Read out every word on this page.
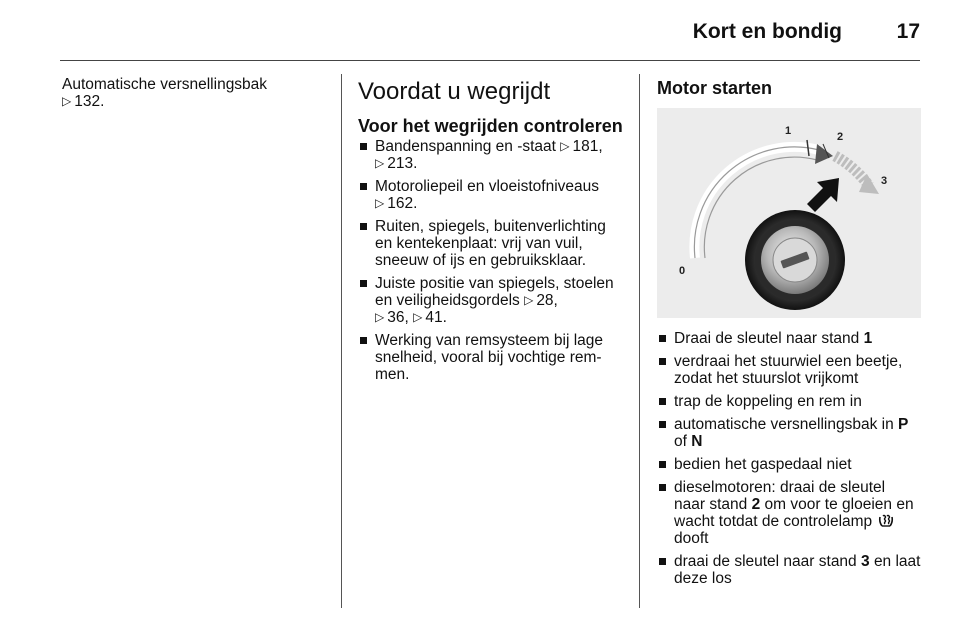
Kort en bondig	17
Automatische versnellingsbak
▷ 132.	Voordat u wegrijdt
Voor het wegrijden controleren
Bandenspanning en -staat ▷ 181,
▷ 213.
Motoroliepeil en vloeistofniveaus
▷ 162.
Ruiten, spiegels, buitenverlichting
en kentekenplaat: vrij van vuil,
sneeuw of ijs en gebruiksklaar.
Juiste positie van spiegels, stoelen
en veiligheidsgordels ▷ 28,
▷ 36, ▷ 41.
Werking van remsysteem bij lage
snelheid, vooral bij vochtige rem-
men.
Motor starten
0
1	2
3
Draai de sleutel naar stand 1
verdraai het stuurwiel een beetje,
zodat het stuurslot vrijkomt
trap de koppeling en rem in
automatische versnellingsbak in P
of N
bedien het gaspedaal niet
dieselmotoren: draai de sleutel
naar stand 2 om voor te gloeien en
wacht totdat de controlelamp
dooft
draai de sleutel naar stand 3 en laat
deze los
